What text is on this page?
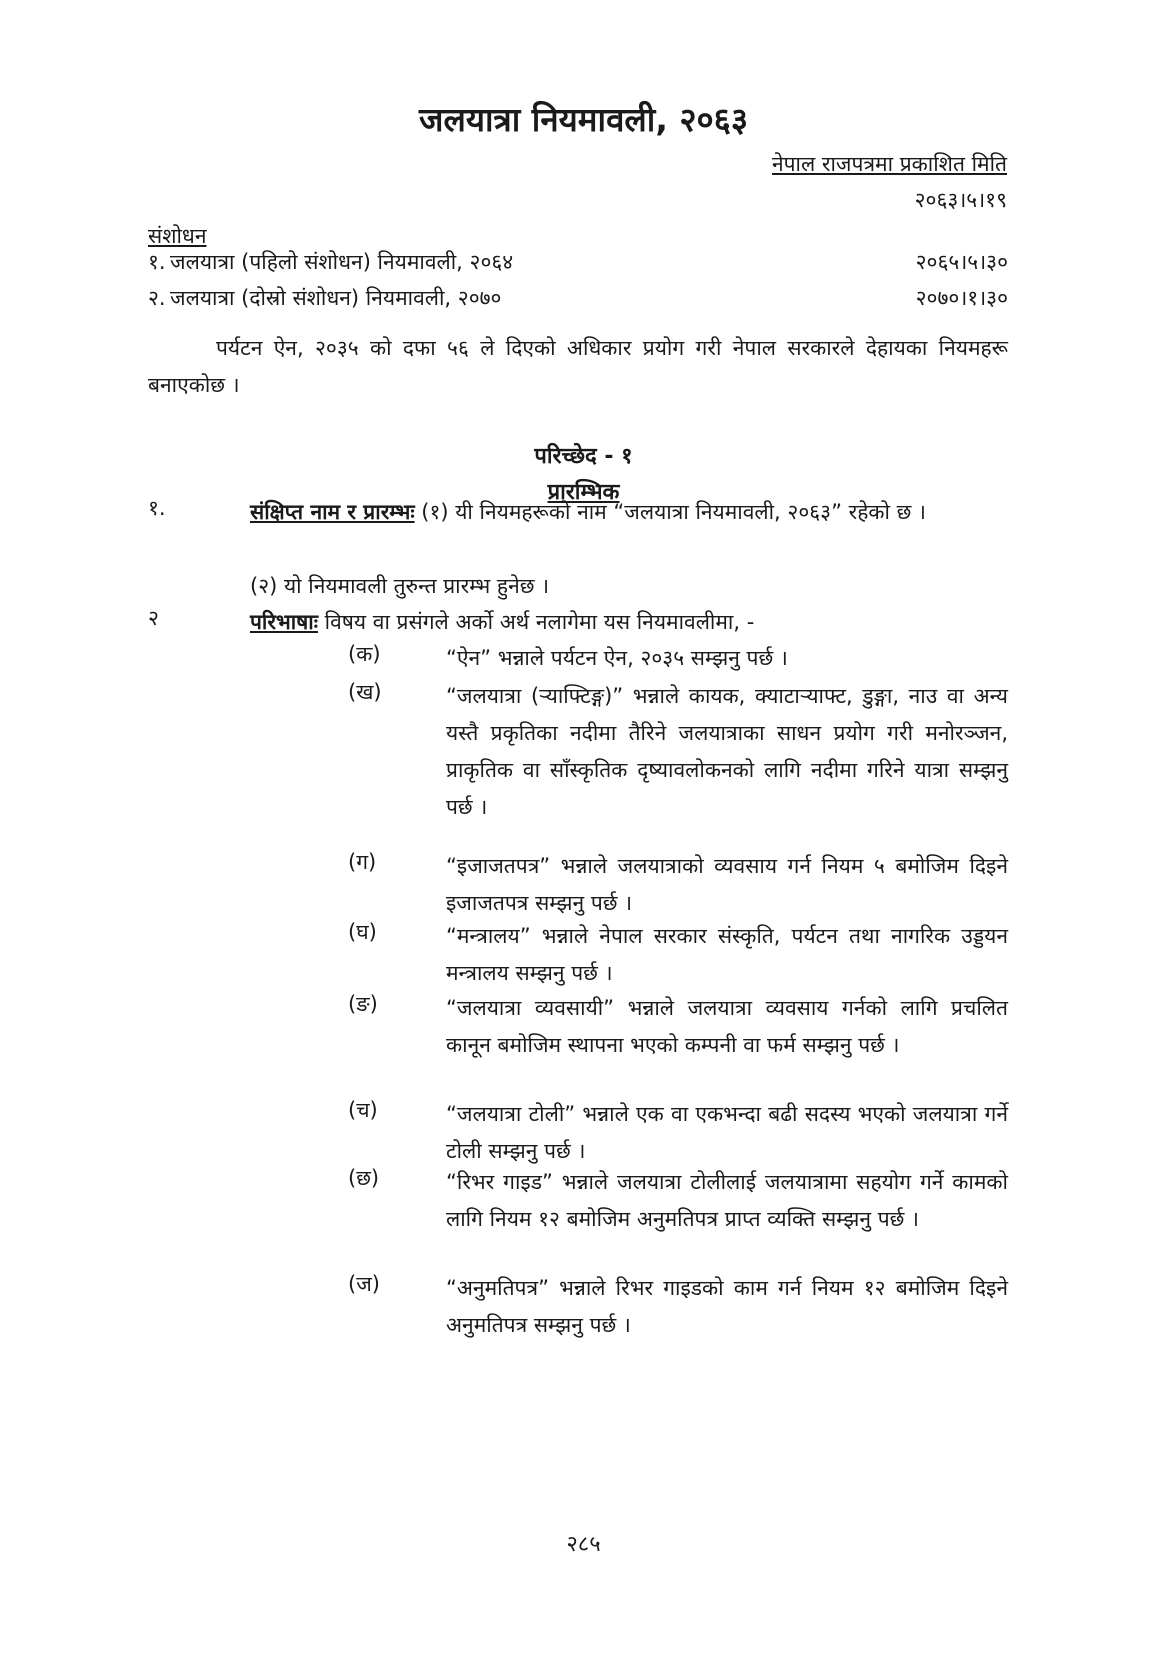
जलयात्रा नियमावली, २०६३
नेपाल राजपत्रमा प्रकाशित मिति
२०६३।५।१९
संशोधन
१. जलयात्रा (पहिलो संशोधन) नियमावली, २०६४	२०६५।५।३०
२. जलयात्रा (दोस्रो संशोधन) नियमावली, २०७०	२०७०।१।३०
पर्यटन ऐन, २०३५ को दफा ५६ ले दिएको अधिकार प्रयोग गरी नेपाल सरकारले देहायका नियमहरू बनाएकोछ ।
परिच्छेद - १
प्रारम्भिक
१.	संक्षिप्त नाम र प्रारम्भः (१) यी नियमहरूको नाम “जलयात्रा नियमावली, २०६३” रहेको छ ।
(२) यो नियमावली तुरुन्त प्रारम्भ हुनेछ ।
२	परिभाषाः विषय वा प्रसंगले अर्को अर्थ नलागेमा यस नियमावलीमा, -
(क)	“ऐन” भन्नाले पर्यटन ऐन, २०३५ सम्झनु पर्छ ।
(ख)	“जलयात्रा (र्‍याफ्टिङ्ग)” भन्नाले कायक, क्याटार्‍याफ्ट, डुङ्गा, नाउ वा अन्य यस्तै प्रकृतिका नदीमा तैरिने जलयात्राका साधन प्रयोग गरी मनोरञ्जन, प्राकृतिक वा साँस्कृतिक दृष्यावलोकनको लागि नदीमा गरिने यात्रा सम्झनु पर्छ ।
(ग)	“इजाजतपत्र” भन्नाले जलयात्राको व्यवसाय गर्न नियम ५ बमोजिम दिइने इजाजतपत्र सम्झनु पर्छ ।
(घ)	“मन्त्रालय” भन्नाले नेपाल सरकार संस्कृति, पर्यटन तथा नागरिक उड्डयन मन्त्रालय सम्झनु पर्छ ।
(ङ)	“जलयात्रा व्यवसायी” भन्नाले जलयात्रा व्यवसाय गर्नको लागि प्रचलित कानून बमोजिम स्थापना भएको कम्पनी वा फर्म सम्झनु पर्छ ।
(च)	“जलयात्रा टोली” भन्नाले एक वा एकभन्दा बढी सदस्य भएको जलयात्रा गर्ने टोली सम्झनु पर्छ ।
(छ)	“रिभर गाइड” भन्नाले जलयात्रा टोलीलाई जलयात्रामा सहयोग गर्ने कामको लागि नियम १२ बमोजिम अनुमतिपत्र प्राप्त व्यक्ति सम्झनु पर्छ ।
(ज)	“अनुमतिपत्र” भन्नाले रिभर गाइडको काम गर्न नियम १२ बमोजिम दिइने अनुमतिपत्र सम्झनु पर्छ ।
२८५
